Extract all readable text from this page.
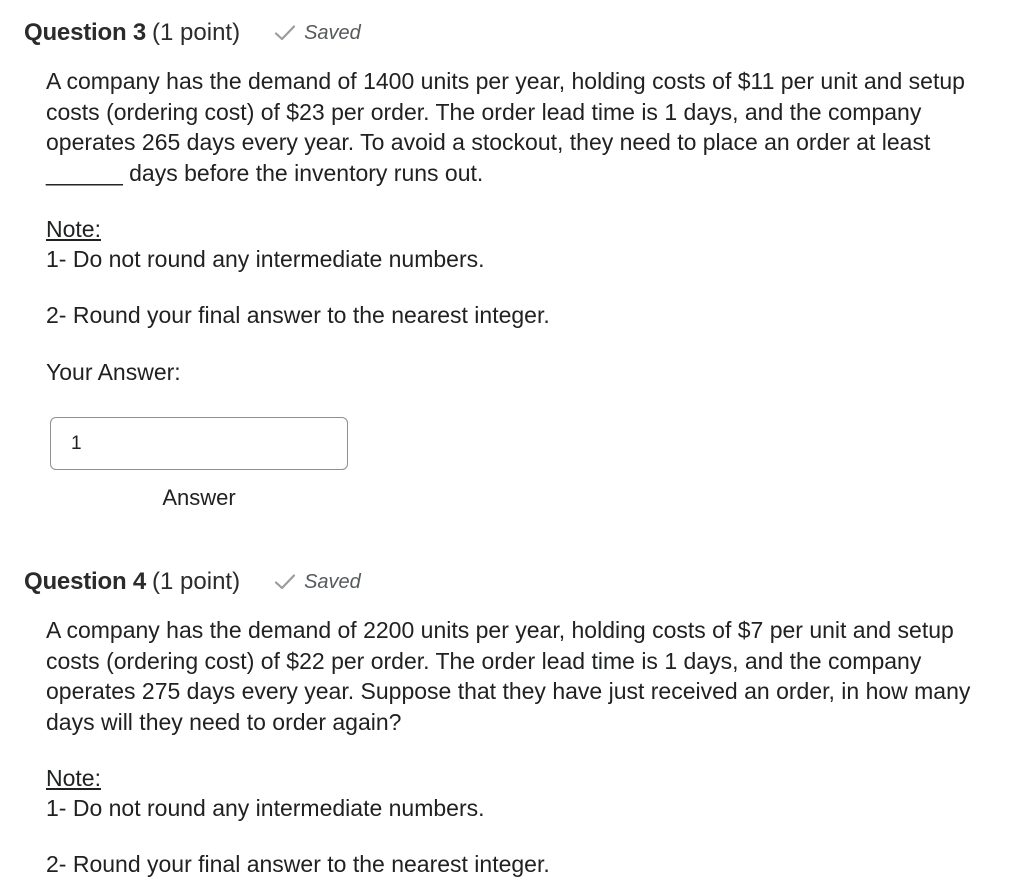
Question 3 (1 point)	Saved
A company has the demand of 1400 units per year, holding costs of $11 per unit and setup costs (ordering cost) of $23 per order. The order lead time is 1 days, and the company operates 265 days every year. To avoid a stockout, they need to place an order at least ______ days before the inventory runs out.
Note:
1- Do not round any intermediate numbers.
2- Round your final answer to the nearest integer.
Your Answer:
1
Answer
Question 4 (1 point)	Saved
A company has the demand of 2200 units per year, holding costs of $7 per unit and setup costs (ordering cost) of $22 per order. The order lead time is 1 days, and the company operates 275 days every year. Suppose that they have just received an order, in how many days will they need to order again?
Note:
1- Do not round any intermediate numbers.
2- Round your final answer to the nearest integer.
